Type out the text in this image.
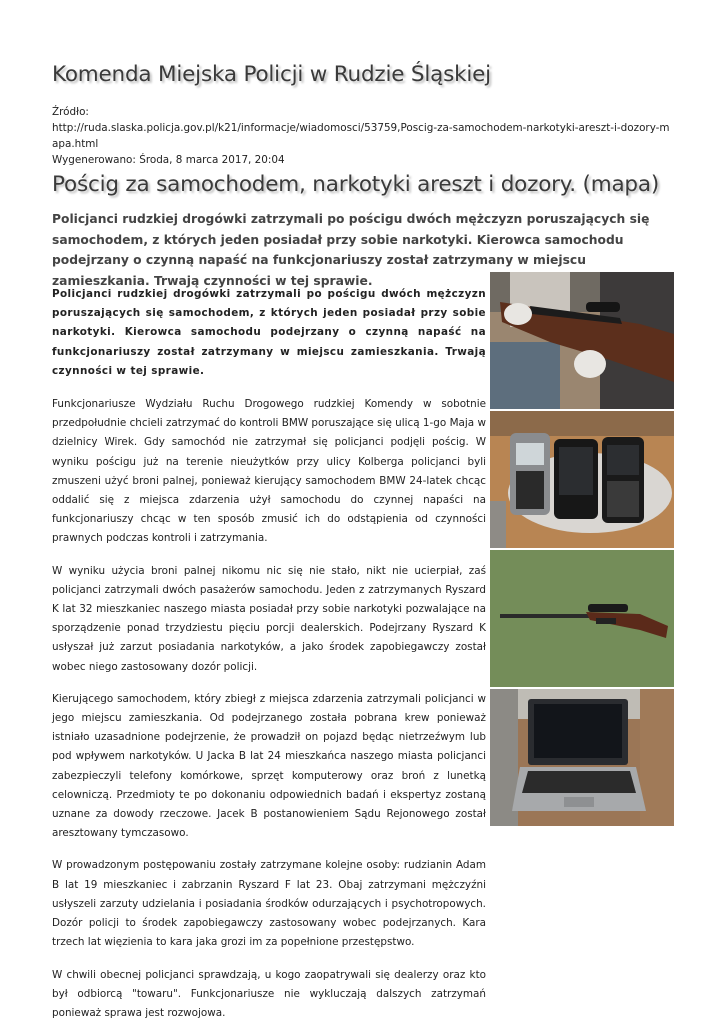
Komenda Miejska Policji w Rudzie Śląskiej
Źródło:
http://ruda.slaska.policja.gov.pl/k21/informacje/wiadomosci/53759,Poscig-za-samochodem-narkotyki-areszt-i-dozory-mapa.html
Wygenerowano: Środa, 8 marca 2017, 20:04
Pościg za samochodem, narkotyki areszt i dozory. (mapa)
Policjanci rudzkiej drogówki zatrzymali po pościgu dwóch mężczyzn poruszających się samochodem, z których jeden posiadał przy sobie narkotyki. Kierowca samochodu podejrzany o czynną napaść na funkcjonariuszy został zatrzymany w miejscu zamieszkania. Trwają czynności w tej sprawie.

Policjanci rudzkiej drogówki zatrzymali po pościgu dwóch mężczyzn poruszających się samochodem, z których jeden posiadał przy sobie narkotyki. Kierowca samochodu podejrzany o czynną napaść na funkcjonariuszy został zatrzymany w miejscu zamieszkania. Trwają czynności w tej sprawie.

Funkcjonariusze Wydziału Ruchu Drogowego rudzkiej Komendy w sobotnie przedpołudnie chcieli zatrzymać do kontroli BMW poruszające się ulicą 1-go Maja w dzielnicy Wirek. Gdy samochód nie zatrzymał się policjanci podjęli pościg. W wyniku pościgu już na terenie nieużytków przy ulicy Kolberga policjanci byli zmuszeni użyć broni palnej, ponieważ kierujący samochodem BMW 24-latek chcąc oddalić się z miejsca zdarzenia użył samochodu do czynnej napaści na funkcjonariuszy chcąc w ten sposób zmusić ich do odstąpienia od czynności prawnych podczas kontroli i zatrzymania.

W wyniku użycia broni palnej nikomu nic się nie stało, nikt nie ucierpiał, zaś policjanci zatrzymali dwóch pasażerów samochodu. Jeden z zatrzymanych Ryszard K lat 32 mieszkaniec naszego miasta posiadał przy sobie narkotyki pozwalające na sporządzenie ponad trzydziestu pięciu porcji dealerskich. Podejrzany Ryszard K usłyszał już zarzut posiadania narkotyków, a jako środek zapobiegawczy został wobec niego zastosowany dozór policji.

Kierującego samochodem, który zbiegł z miejsca zdarzenia zatrzymali policjanci w jego miejscu zamieszkania. Od podejrzanego została pobrana krew ponieważ istniało uzasadnione podejrzenie, że prowadził on pojazd będąc nietrzeźwym lub pod wpływem narkotyków. U Jacka B lat 24 mieszkańca naszego miasta policjanci zabezpieczyli telefony komórkowe, sprzęt komputerowy oraz broń z lunetką celowniczą. Przedmioty te po dokonaniu odpowiednich badań i ekspertyz zostaną uznane za dowody rzeczowe. Jacek B postanowieniem Sądu Rejonowego został aresztowany tymczasowo.

W prowadzonym postępowaniu zostały zatrzymane kolejne osoby: rudzianin Adam B lat 19 mieszkaniec i zabrzanin Ryszard F lat 23. Obaj zatrzymani mężczyźni usłyszeli zarzuty udzielania i posiadania środków odurzających i psychotropowych. Dozór policji to środek zapobiegawczy zastosowany wobec podejrzanych. Kara trzech lat więzienia to kara jaka grozi im za popełnione przestępstwo.

W chwili obecnej policjanci sprawdzają, u kogo zaopatrywali się dealerzy oraz kto był odbiorcą "towaru". Funkcjonariusze nie wykluczają dalszych zatrzymań ponieważ sprawa jest rozwojowa.
